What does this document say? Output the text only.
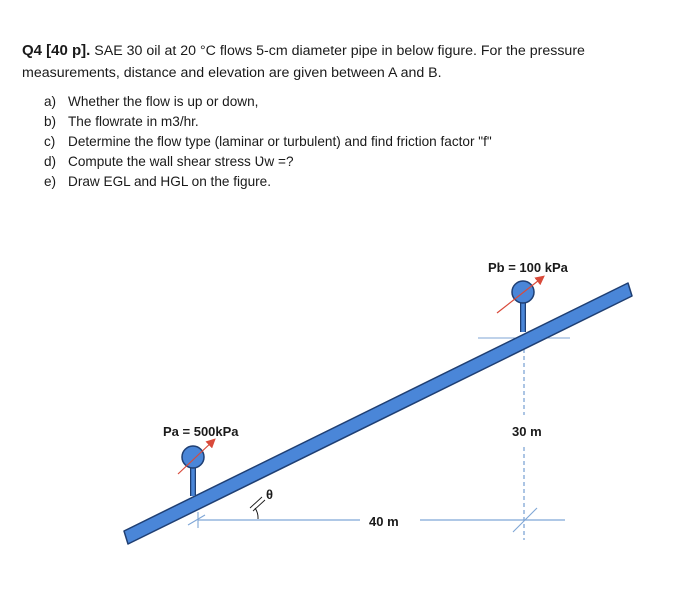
Q4 [40 p]. SAE 30 oil at 20 °C flows 5-cm diameter pipe in below figure. For the pressure measurements, distance and elevation are given between A and B.
a) Whether the flow is up or down,
b) The flowrate in m3/hr.
c) Determine the flow type (laminar or turbulent) and find friction factor "f"
d) Compute the wall shear stress Ʋw =?
e) Draw EGL and HGL on the figure.
Pb = 100 kPa
Pa = 500kPa	30 m
40 m
θ
